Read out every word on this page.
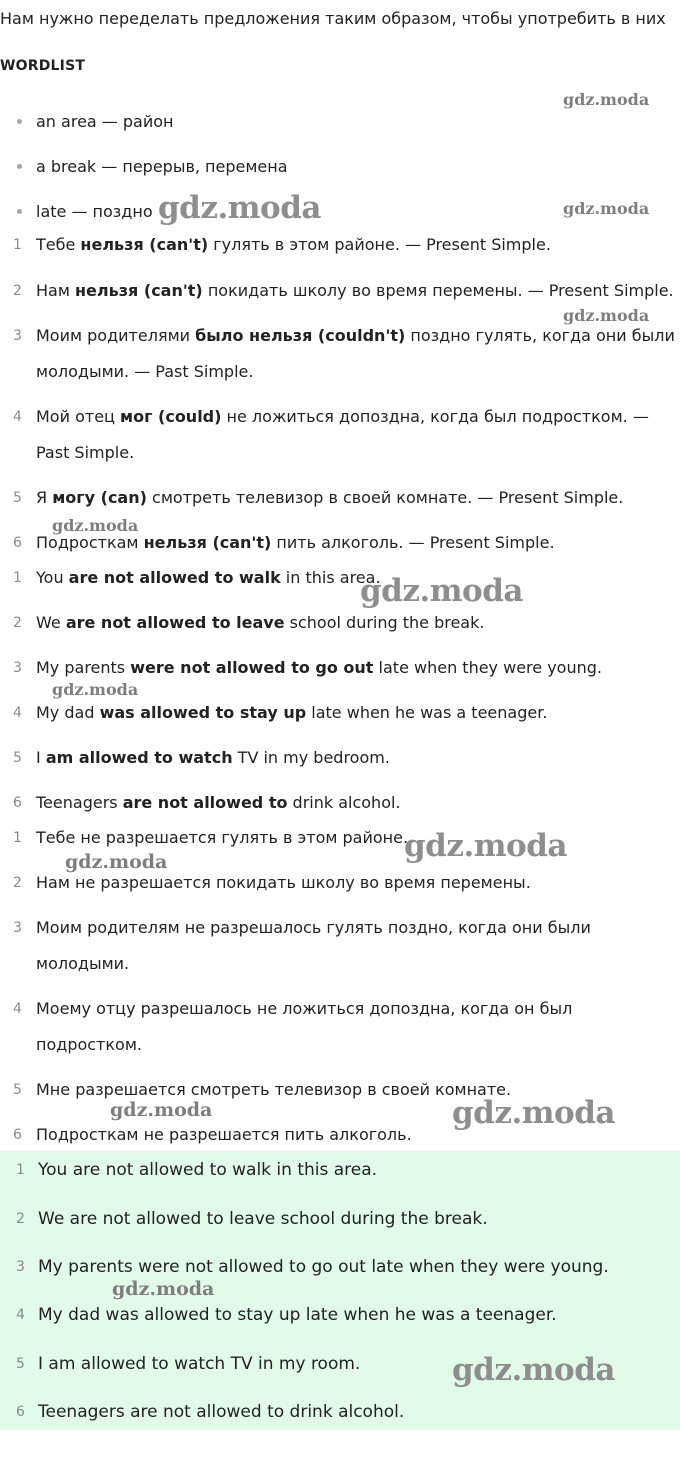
Нам нужно переделать предложения таким образом, чтобы употребить в них
WORDLIST
an area — район
a break — перерыв, перемена
late — поздно
1 Тебе нельзя (can't) гулять в этом районе. — Present Simple.
2 Нам нельзя (can't) покидать школу во время перемены. — Present Simple.
3 Моим родителями было нельзя (couldn't) поздно гулять, когда они были молодыми. — Past Simple.
4 Мой отец мог (could) не ложиться допоздна, когда был подростком. — Past Simple.
5 Я могу (can) смотреть телевизор в своей комнате. — Present Simple.
6 Подросткам нельзя (can't) пить алкоголь. — Present Simple.
1 You are not allowed to walk in this area.
2 We are not allowed to leave school during the break.
3 My parents were not allowed to go out late when they were young.
4 My dad was allowed to stay up late when he was a teenager.
5 I am allowed to watch TV in my bedroom.
6 Teenagers are not allowed to drink alcohol.
1 Тебе не разрешается гулять в этом районе.
2 Нам не разрешается покидать школу во время перемены.
3 Моим родителям не разрешалось гулять поздно, когда они были молодыми.
4 Моему отцу разрешалось не ложиться допоздна, когда он был подростком.
5 Мне разрешается смотреть телевизор в своей комнате.
6 Подросткам не разрешается пить алкоголь.
1 You are not allowed to walk in this area.
2 We are not allowed to leave school during the break.
3 My parents were not allowed to go out late when they were young.
4 My dad was allowed to stay up late when he was a teenager.
5 I am allowed to watch TV in my room.
6 Teenagers are not allowed to drink alcohol.
gdz.moda
gdz.moda	gdz.moda
gdz.moda
gdz.moda
gdz.moda
gdz.moda
gdz.moda
gdz.moda
gdz.moda	gdz.moda
gdz.moda
gdz.moda
